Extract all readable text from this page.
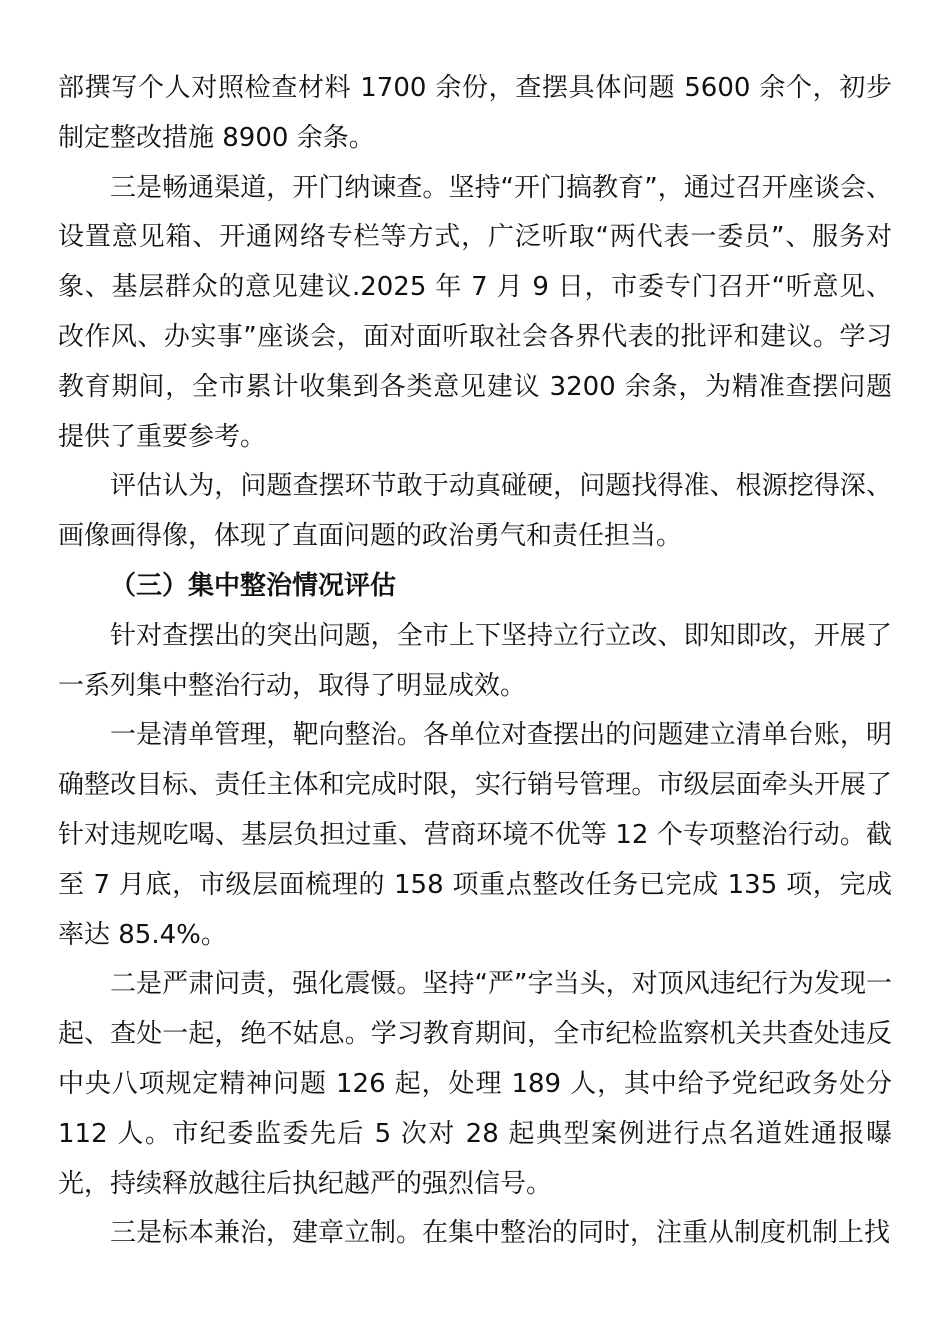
部撰写个人对照检查材料 1700 余份，查摆具体问题 5600 余个，初步制定整改措施 8900 余条。

三是畅通渠道，开门纳谏查。坚持“开门搞教育”，通过召开座谈会、设置意见箱、开通网络专栏等方式，广泛听取“两代表一委员”、服务对象、基层群众的意见建议.2025 年 7 月 9 日，市委专门召开“听意见、改作风、办实事”座谈会，面对面听取社会各界代表的批评和建议。学习教育期间，全市累计收集到各类意见建议 3200 余条，为精准查摆问题提供了重要参考。

评估认为，问题查摆环节敢于动真碰硬，问题找得准、根源挖得深、画像画得像，体现了直面问题的政治勇气和责任担当。

（三）集中整治情况评估

针对查摆出的突出问题，全市上下坚持立行立改、即知即改，开展了一系列集中整治行动，取得了明显成效。

一是清单管理，靶向整治。各单位对查摆出的问题建立清单台账，明确整改目标、责任主体和完成时限，实行销号管理。市级层面牵头开展了针对违规吃喝、基层负担过重、营商环境不优等 12 个专项整治行动。截至 7 月底，市级层面梳理的 158 项重点整改任务已完成 135 项，完成率达 85.4%。

二是严肃问责，强化震慑。坚持“严”字当头，对顶风违纪行为发现一起、查处一起，绝不姑息。学习教育期间，全市纪检监察机关共查处违反中央八项规定精神问题 126 起，处理 189 人，其中给予党纪政务处分 112 人。市纪委监委先后 5 次对 28 起典型案例进行点名道姓通报曝光，持续释放越往后执纪越严的强烈信号。

三是标本兼治，建章立制。在集中整治的同时，注重从制度机制上找
